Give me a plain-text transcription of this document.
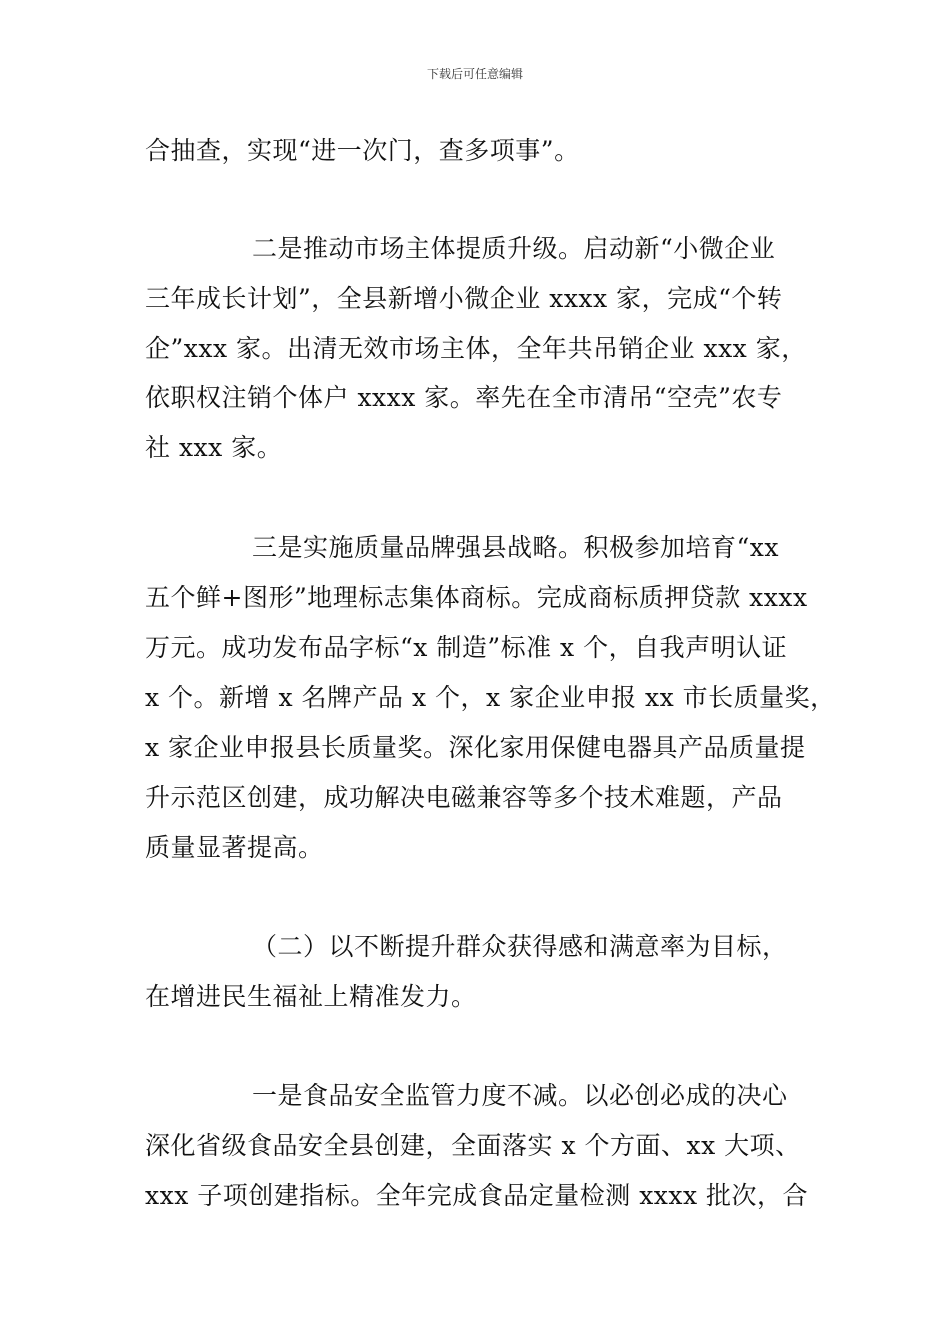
下载后可任意编辑
合抽查，实现“进一次门，查多项事”。
二是推动市场主体提质升级。启动新“小微企业
三年成长计划”，全县新增小微企业 xxxx 家，完成“个转
企”xxx 家。出清无效市场主体，全年共吊销企业 xxx 家，
依职权注销个体户 xxxx 家。率先在全市清吊“空壳”农专
社 xxx 家。
三是实施质量品牌强县战略。积极参加培育“xx
五个鲜+图形”地理标志集体商标。完成商标质押贷款 xxxx
万元。成功发布品字标“x 制造”标准 x 个，自我声明认证
x 个。新增 x 名牌产品 x 个，x 家企业申报 xx 市长质量奖，
x 家企业申报县长质量奖。深化家用保健电器具产品质量提
升示范区创建，成功解决电磁兼容等多个技术难题，产品
质量显著提高。
（二）以不断提升群众获得感和满意率为目标，
在增进民生福祉上精准发力。
一是食品安全监管力度不减。以必创必成的决心
深化省级食品安全县创建，全面落实 x 个方面、xx 大项、
xxx 子项创建指标。全年完成食品定量检测 xxxx 批次，合
